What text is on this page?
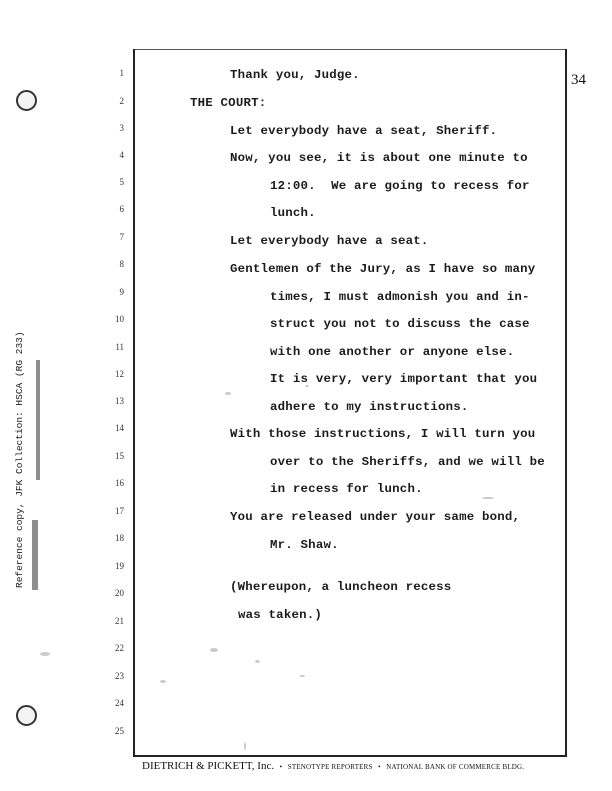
Reference copy, JFK Collection: HSCA (RG 233)
34
1
2
3
4
5
6
7
8
9
10
11
12
13
14
15
16
17
18
19
20
21
22
23
24
25
Thank you, Judge.
THE COURT:
Let everybody have a seat, Sheriff.
Now, you see, it is about one minute to
12:00.  We are going to recess for
lunch.
Let everybody have a seat.
Gentlemen of the Jury, as I have so many
times, I must admonish you and in-
struct you not to discuss the case
with one another or anyone else.
It is very, very important that you
adhere to my instructions.
With those instructions, I will turn you
over to the Sheriffs, and we will be
in recess for lunch.
You are released under your same bond,
Mr. Shaw.
(Whereupon, a luncheon recess
was taken.)
DIETRICH & PICKETT, Inc. • STENOTYPE REPORTERS • NATIONAL BANK OF COMMERCE BLDG.
